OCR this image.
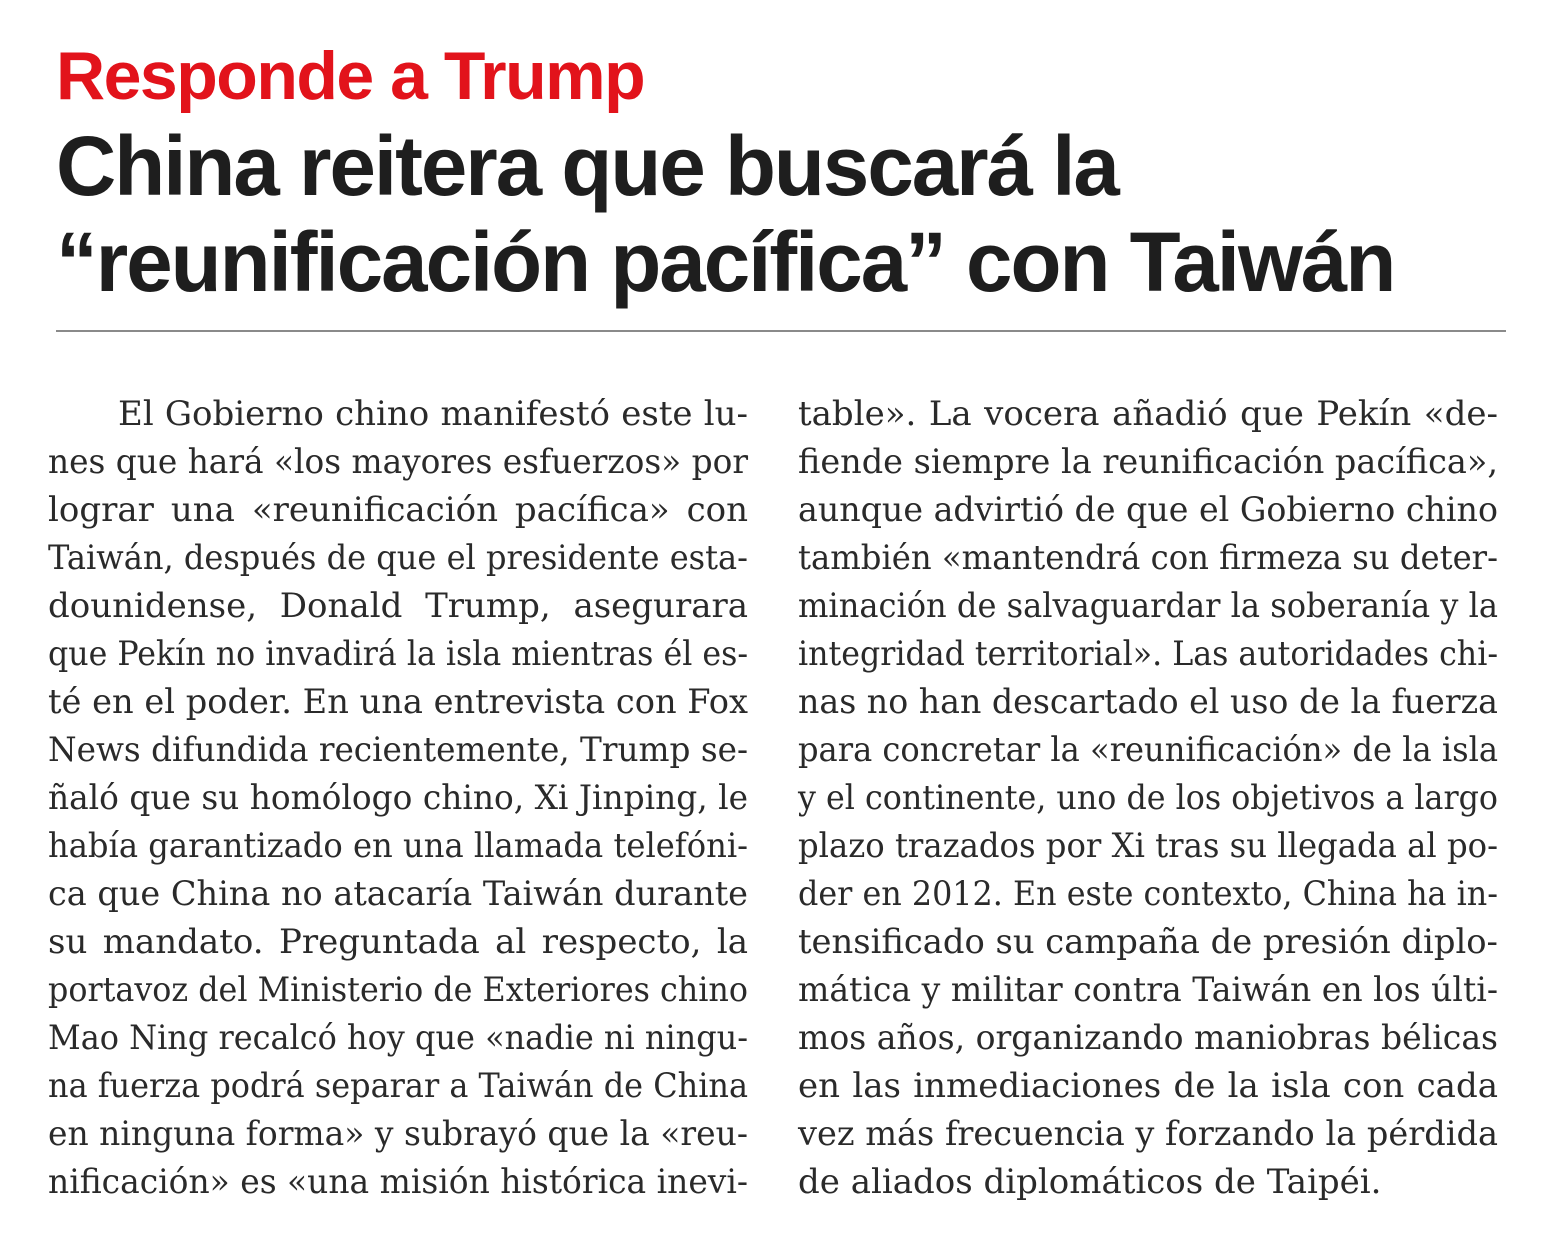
Responde a Trump
China reitera que buscará la
“reunificación pacífica” con Taiwán
El Gobierno chino manifestó este lu-
nes que hará «los mayores esfuerzos» por
lograr una «reunificación pacífica» con
Taiwán, después de que el presidente esta-
dounidense, Donald Trump, asegurara
que Pekín no invadirá la isla mientras él es-
té en el poder. En una entrevista con Fox
News difundida recientemente, Trump se-
ñaló que su homólogo chino, Xi Jinping, le
había garantizado en una llamada telefóni-
ca que China no atacaría Taiwán durante
su mandato. Preguntada al respecto, la
portavoz del Ministerio de Exteriores chino
Mao Ning recalcó hoy que «nadie ni ningu-
na fuerza podrá separar a Taiwán de China
en ninguna forma» y subrayó que la «reu-
nificación» es «una misión histórica inevi-
table». La vocera añadió que Pekín «de-
fiende siempre la reunificación pacífica»,
aunque advirtió de que el Gobierno chino
también «mantendrá con firmeza su deter-
minación de salvaguardar la soberanía y la
integridad territorial». Las autoridades chi-
nas no han descartado el uso de la fuerza
para concretar la «reunificación» de la isla
y el continente, uno de los objetivos a largo
plazo trazados por Xi tras su llegada al po-
der en 2012. En este contexto, China ha in-
tensificado su campaña de presión diplo-
mática y militar contra Taiwán en los últi-
mos años, organizando maniobras bélicas
en las inmediaciones de la isla con cada
vez más frecuencia y forzando la pérdida
de aliados diplomáticos de Taipéi.
